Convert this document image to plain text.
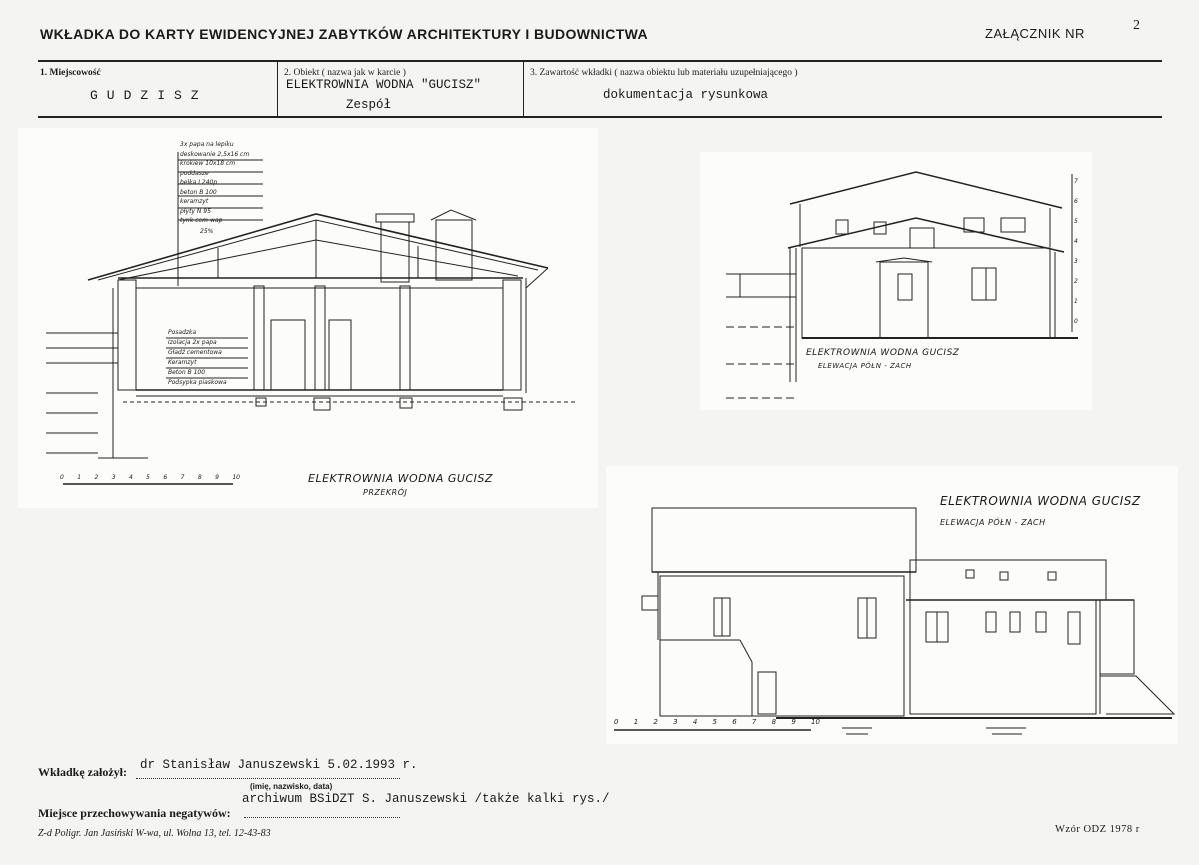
WKŁADKA DO KARTY EWIDENCYJNEJ ZABYTKÓW ARCHITEKTURY I BUDOWNICTWA	ZAŁĄCZNIK NR
2
1. Miejscowość
GUDZISZ
2. Obiekt ( nazwa jak w karcie )
ELEKTROWNIA WODNA "GUCISZ"
Zespół
3. Zawartość wkładki ( nazwa obiektu lub materiału uzupełniającego )
dokumentacja rysunkowa
3x papa na lepiku
deskowanie 2,5x16 cm
krokiew 10x18 cm
poddasze
belka I 240p
beton B 100
keramzyt
płyty N 95
tynk cem-wap
25%
Posadzka
Izolacja 2x papa
Gładź cementowa
Keramzyt
Beton B 100
Podsypka piaskowa
0 1 2 3 4 5 6 7 8 9 10	ELEKTROWNIA WODNA GUCISZ
PRZEKRÓJ
7
6
5
4
3
2
1
0
ELEKTROWNIA WODNA GUCISZ
ELEWACJA PÓŁN - ZACH
ELEKTROWNIA WODNA GUCISZ
ELEWACJA PÓŁN - ZACH
0 1 2 3 4 5 6 7 8 9 10
Wkładkę założył: dr Stanisław Januszewski 5.02.1993 r.
(imię, nazwisko, data)
Miejsce przechowywania negatywów:
archiwum BSiDZT S. Januszewski /także kalki rys./
Z-d Poligr. Jan Jasiński W-wa, ul. Wolna 13, tel. 12-43-83	Wzór ODZ 1978 r
